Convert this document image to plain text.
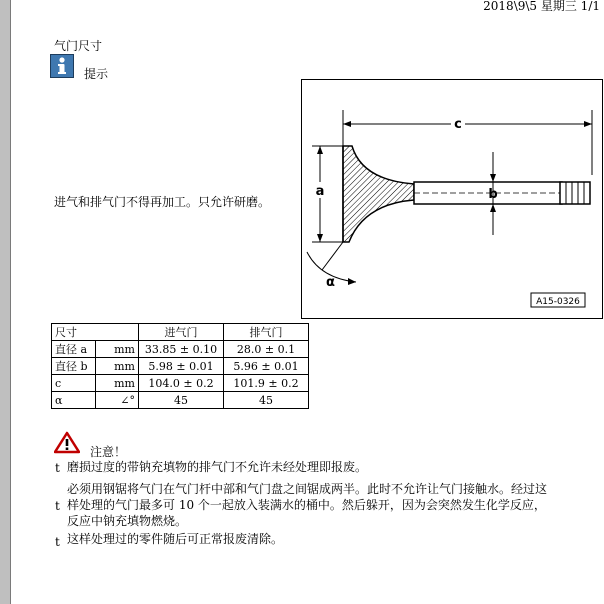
2018\9\5 星期三 1/1
气门尺寸
提示
进气和排气门不得再加工。只允许研磨。
c
b
a
α
A15-0326
尺寸		进气门	排气门
直径 a	mm	33.85 ± 0.10	28.0 ± 0.1
直径 b	mm	5.98 ± 0.01	5.96 ± 0.01
c	mm	104.0 ± 0.2	101.9 ± 0.2
α	∠°	45	45
注意！
t 磨损过度的带钠充填物的排气门不允许未经处理即报废。
必须用钢锯将气门在气门杆中部和气门盘之间锯成两半。此时不允许让气门接触水。经过这
t 样处理的气门最多可 10 个一起放入装满水的桶中。然后躲开，因为会突然发生化学反应，
反应中钠充填物燃烧。
t 这样处理过的零件随后可正常报废清除。
